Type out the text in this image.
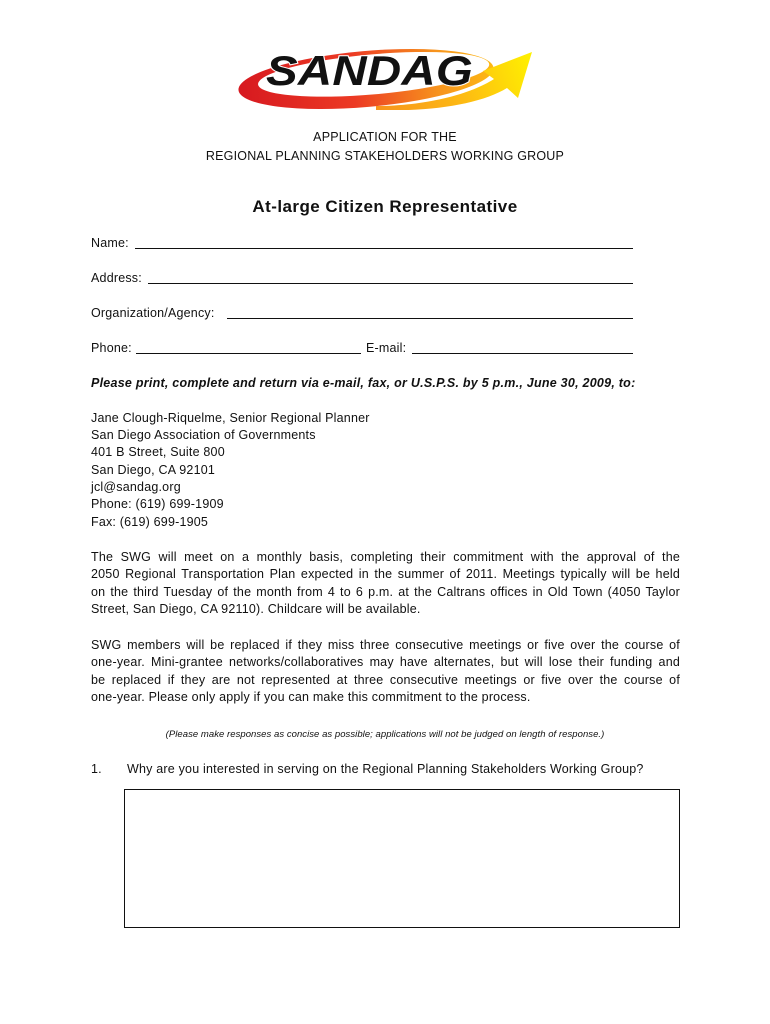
SANDAG
APPLICATION FOR THE
REGIONAL PLANNING STAKEHOLDERS WORKING GROUP
At-large Citizen Representative
Name:
Address:
Organization/Agency:
Phone:	E-mail:
Please print, complete and return via e-mail, fax, or U.S.P.S. by 5 p.m., June 30, 2009, to:
Jane Clough-Riquelme, Senior Regional Planner
San Diego Association of Governments
401 B Street, Suite 800
San Diego, CA 92101
jcl@sandag.org
Phone: (619) 699-1909
Fax: (619) 699-1905
The SWG will meet on a monthly basis, completing their commitment with the approval of the
2050 Regional Transportation Plan expected in the summer of 2011. Meetings typically will be held
on the third Tuesday of the month from 4 to 6 p.m. at the Caltrans offices in Old Town (4050 Taylor
Street, San Diego, CA 92110). Childcare will be available.
SWG members will be replaced if they miss three consecutive meetings or five over the course of
one-year. Mini-grantee networks/collaboratives may have alternates, but will lose their funding and
be replaced if they are not represented at three consecutive meetings or five over the course of
one-year. Please only apply if you can make this commitment to the process.
(Please make responses as concise as possible; applications will not be judged on length of response.)
1. Why are you interested in serving on the Regional Planning Stakeholders Working Group?
